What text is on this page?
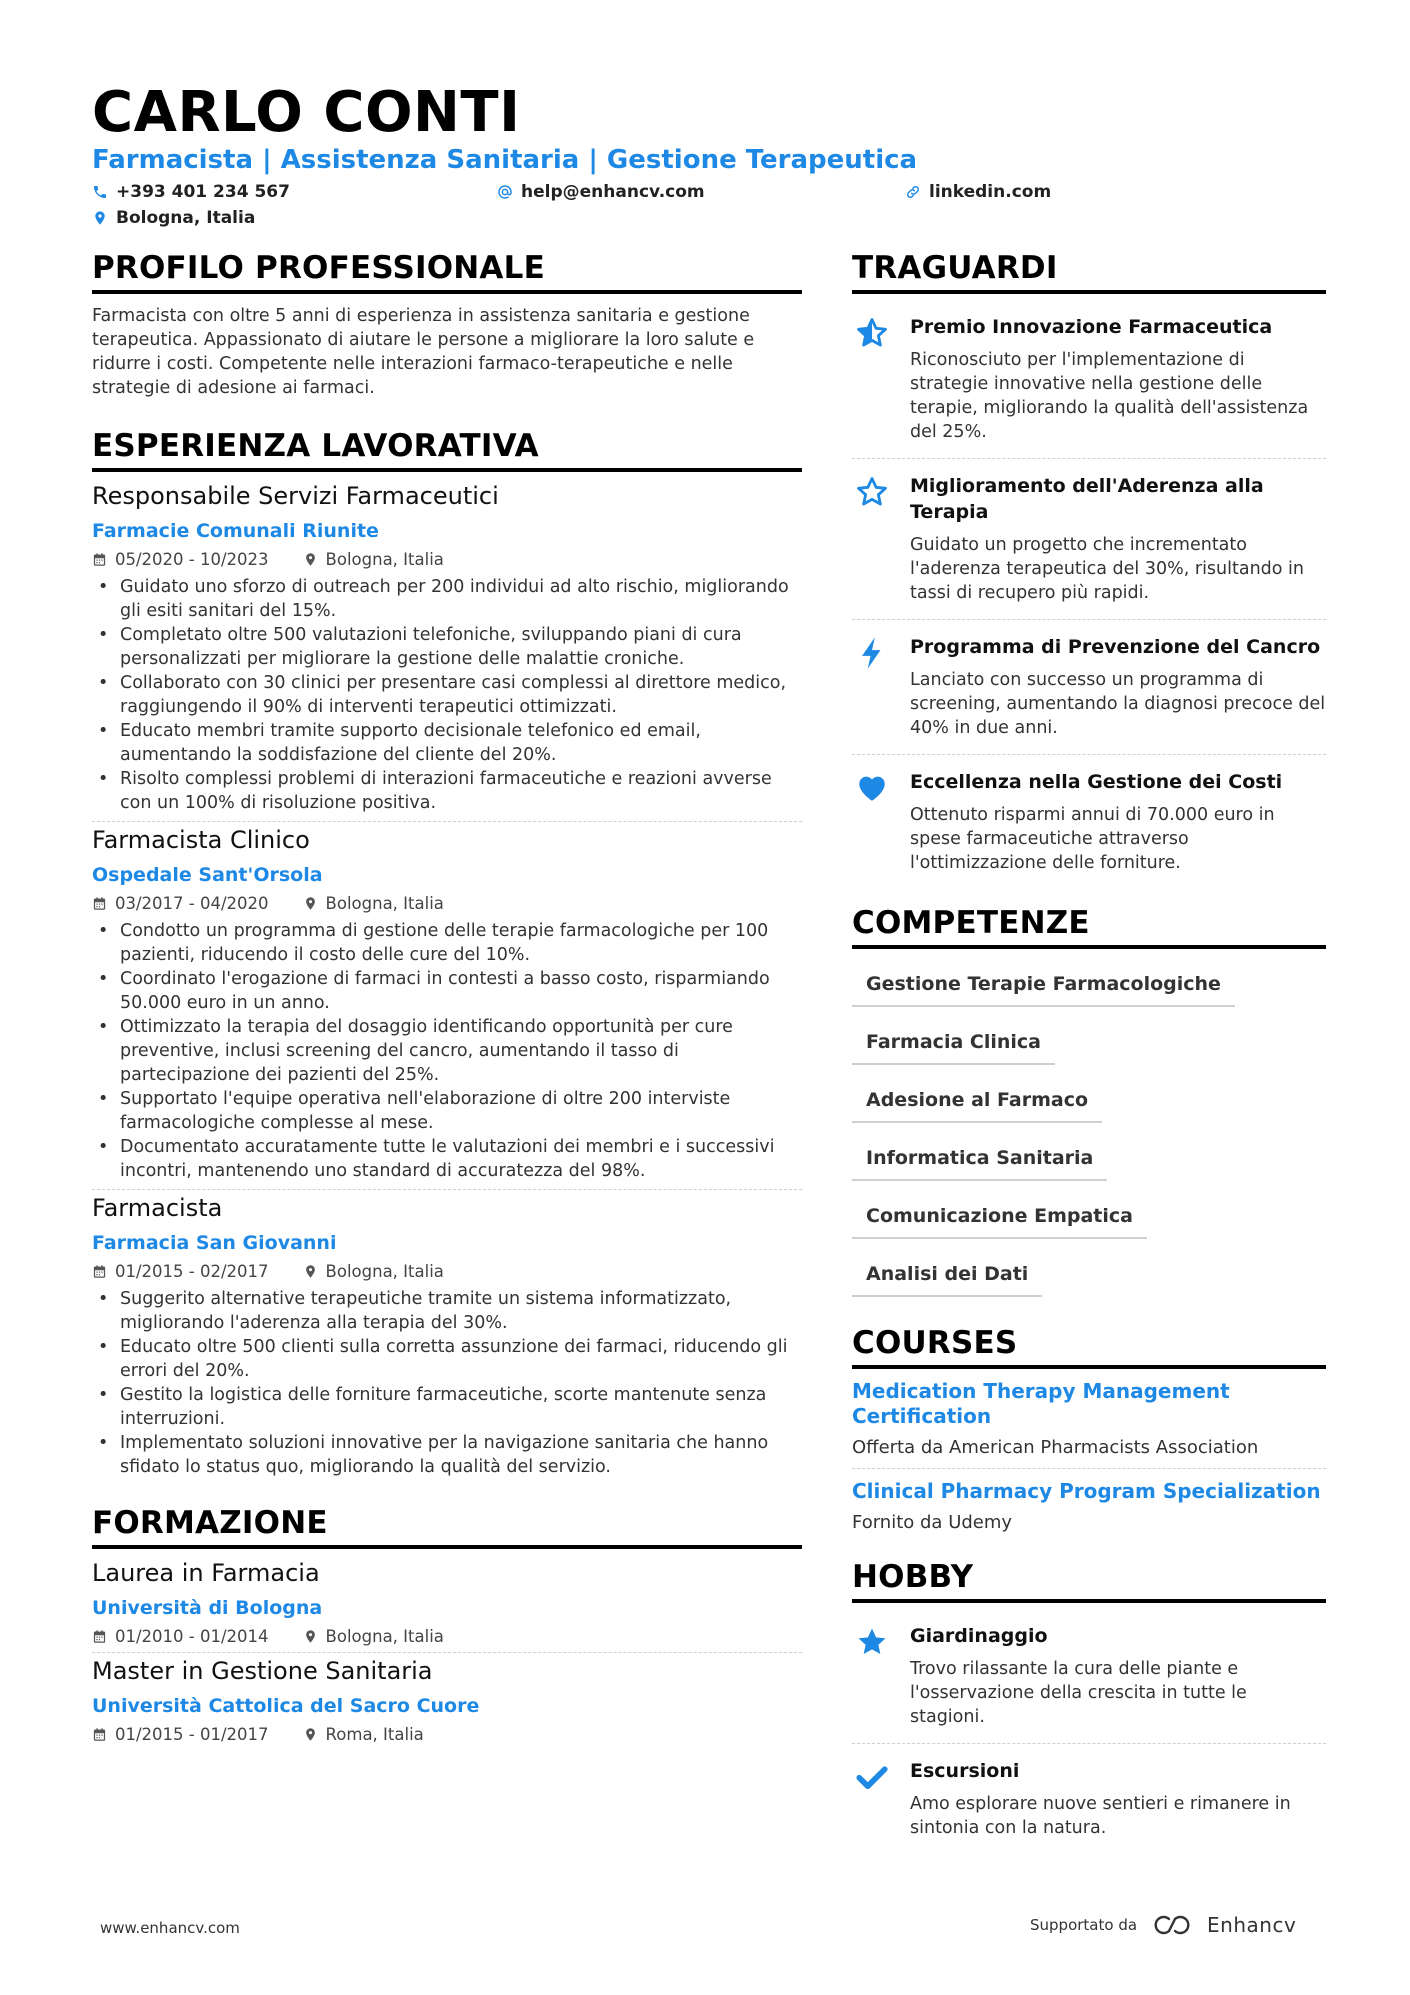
CARLO CONTI
Farmacista | Assistenza Sanitaria | Gestione Terapeutica
+393 401 234 567	help@enhancv.com	linkedin.com
Bologna, Italia
PROFILO PROFESSIONALE
Farmacista con oltre 5 anni di esperienza in assistenza sanitaria e gestione terapeutica. Appassionato di aiutare le persone a migliorare la loro salute e ridurre i costi. Competente nelle interazioni farmaco-terapeutiche e nelle strategie di adesione ai farmaci.
ESPERIENZA LAVORATIVA
Responsabile Servizi Farmaceutici
Farmacie Comunali Riunite
05/2020 - 10/2023	Bologna, Italia
• Guidato uno sforzo di outreach per 200 individui ad alto rischio, migliorando gli esiti sanitari del 15%.
• Completato oltre 500 valutazioni telefoniche, sviluppando piani di cura personalizzati per migliorare la gestione delle malattie croniche.
• Collaborato con 30 clinici per presentare casi complessi al direttore medico, raggiungendo il 90% di interventi terapeutici ottimizzati.
• Educato membri tramite supporto decisionale telefonico ed email, aumentando la soddisfazione del cliente del 20%.
• Risolto complessi problemi di interazioni farmaceutiche e reazioni avverse con un 100% di risoluzione positiva.
Farmacista Clinico
Ospedale Sant'Orsola
03/2017 - 04/2020	Bologna, Italia
• Condotto un programma di gestione delle terapie farmacologiche per 100 pazienti, riducendo il costo delle cure del 10%.
• Coordinato l'erogazione di farmaci in contesti a basso costo, risparmiando 50.000 euro in un anno.
• Ottimizzato la terapia del dosaggio identificando opportunità per cure preventive, inclusi screening del cancro, aumentando il tasso di partecipazione dei pazienti del 25%.
• Supportato l'equipe operativa nell'elaborazione di oltre 200 interviste farmacologiche complesse al mese.
• Documentato accuratamente tutte le valutazioni dei membri e i successivi incontri, mantenendo uno standard di accuratezza del 98%.
Farmacista
Farmacia San Giovanni
01/2015 - 02/2017	Bologna, Italia
• Suggerito alternative terapeutiche tramite un sistema informatizzato, migliorando l'aderenza alla terapia del 30%.
• Educato oltre 500 clienti sulla corretta assunzione dei farmaci, riducendo gli errori del 20%.
• Gestito la logistica delle forniture farmaceutiche, scorte mantenute senza interruzioni.
• Implementato soluzioni innovative per la navigazione sanitaria che hanno sfidato lo status quo, migliorando la qualità del servizio.
FORMAZIONE
Laurea in Farmacia
Università di Bologna
01/2010 - 01/2014	Bologna, Italia
Master in Gestione Sanitaria
Università Cattolica del Sacro Cuore
01/2015 - 01/2017	Roma, Italia
TRAGUARDI
Premio Innovazione Farmaceutica
Riconosciuto per l'implementazione di strategie innovative nella gestione delle terapie, migliorando la qualità dell'assistenza del 25%.
Miglioramento dell'Aderenza alla Terapia
Guidato un progetto che incrementato l'aderenza terapeutica del 30%, risultando in tassi di recupero più rapidi.
Programma di Prevenzione del Cancro
Lanciato con successo un programma di screening, aumentando la diagnosi precoce del 40% in due anni.
Eccellenza nella Gestione dei Costi
Ottenuto risparmi annui di 70.000 euro in spese farmaceutiche attraverso l'ottimizzazione delle forniture.
COMPETENZE
Gestione Terapie Farmacologiche
Farmacia Clinica
Adesione al Farmaco
Informatica Sanitaria
Comunicazione Empatica
Analisi dei Dati
COURSES
Medication Therapy Management Certification
Offerta da American Pharmacists Association
Clinical Pharmacy Program Specialization
Fornito da Udemy
HOBBY
Giardinaggio
Trovo rilassante la cura delle piante e l'osservazione della crescita in tutte le stagioni.
Escursioni
Amo esplorare nuove sentieri e rimanere in sintonia con la natura.
www.enhancv.com	Supportato da	Enhancv
